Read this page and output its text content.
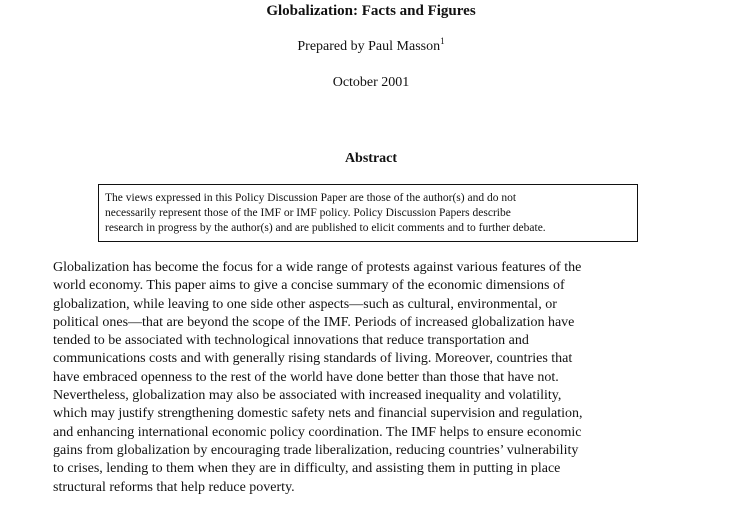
Globalization: Facts and Figures
Prepared by Paul Masson$^1$
October 2001
Abstract
The views expressed in this Policy Discussion Paper are those of the author(s) and do not
necessarily represent those of the IMF or IMF policy. Policy Discussion Papers describe
research in progress by the author(s) and are published to elicit comments and to further debate.
Globalization has become the focus for a wide range of protests against various features of the
world economy. This paper aims to give a concise summary of the economic dimensions of
globalization, while leaving to one side other aspects—such as cultural, environmental, or
political ones—that are beyond the scope of the IMF. Periods of increased globalization have
tended to be associated with technological innovations that reduce transportation and
communications costs and with generally rising standards of living. Moreover, countries that
have embraced openness to the rest of the world have done better than those that have not.
Nevertheless, globalization may also be associated with increased inequality and volatility,
which may justify strengthening domestic safety nets and financial supervision and regulation,
and enhancing international economic policy coordination. The IMF helps to ensure economic
gains from globalization by encouraging trade liberalization, reducing countries’ vulnerability
to crises, lending to them when they are in difficulty, and assisting them in putting in place
structural reforms that help reduce poverty.
